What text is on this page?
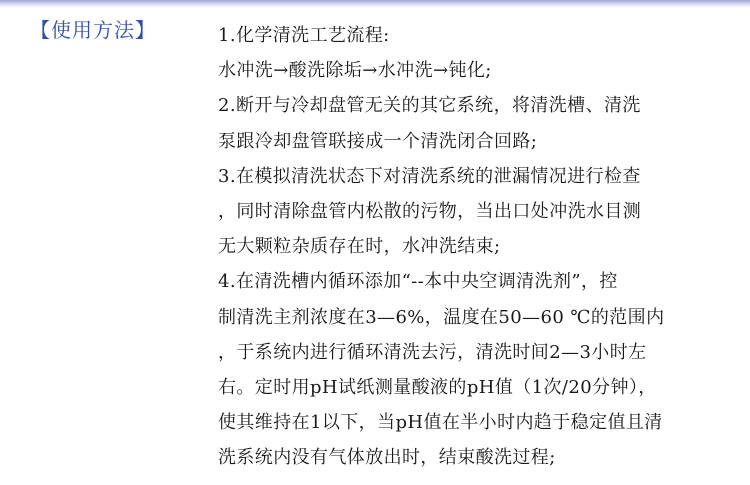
【使用方法】	1.化学清洗工艺流程:
水冲洗→酸洗除垢→水冲洗→钝化;
2.断开与冷却盘管无关的其它系统，将清洗槽、清洗
泵跟冷却盘管联接成一个清洗闭合回路;
3.在模拟清洗状态下对清洗系统的泄漏情况进行检查
，同时清除盘管内松散的污物，当出口处冲洗水目测
无大颗粒杂质存在时，水冲洗结束;
4.在清洗槽内循环添加“--本中央空调清洗剂”，控
制清洗主剂浓度在3—6%，温度在50—60 ℃的范围内
，于系统内进行循环清洗去污，清洗时间2—3小时左
右。定时用pH试纸测量酸液的pH值（1次/20分钟），
使其维持在1以下，当pH值在半小时内趋于稳定值且清
洗系统内没有气体放出时，结束酸洗过程;
